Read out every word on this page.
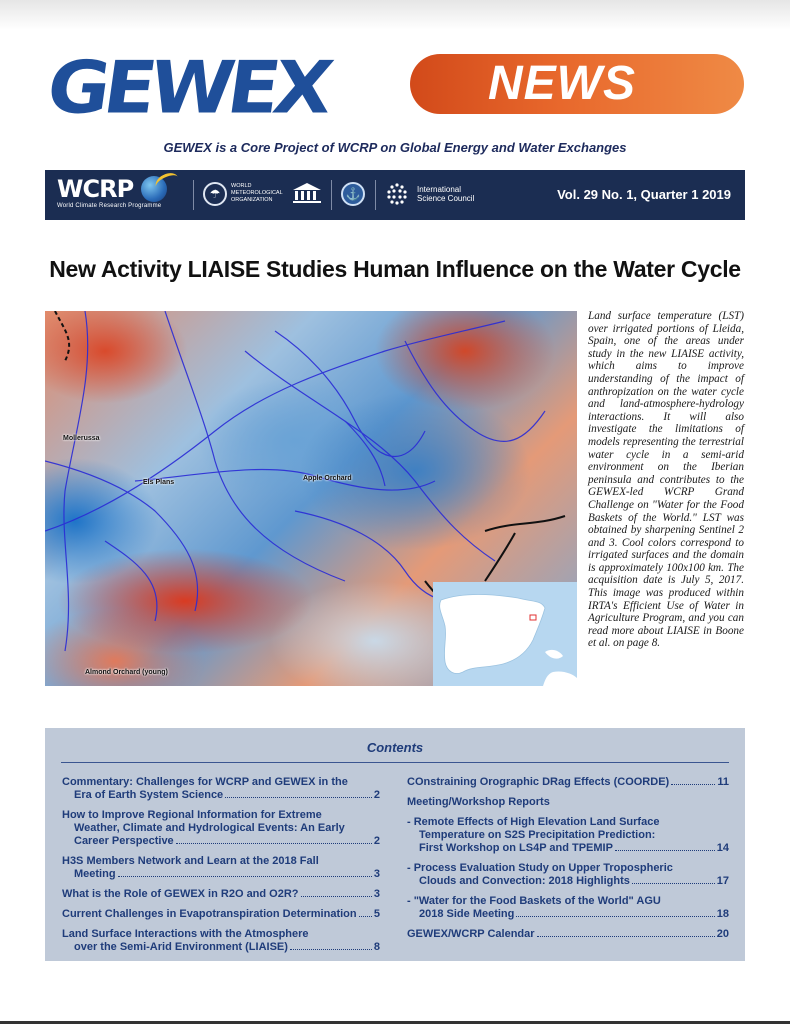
GEWEX	NEWS
GEWEX is a Core Project of WCRP on Global Energy and Water Exchanges
WCRP
World Climate Research Programme
☂
WORLD
METEOROLOGICAL
ORGANIZATION	⚓	International
Science Council	Vol. 29 No. 1, Quarter 1 2019
New Activity LIAISE Studies Human Influence on the Water Cycle
Mollerussa
Els Plans
Apple Orchard
Almond Orchard (young)

Land surface temperature (LST) over irrigated portions of Lleida, Spain, one of the areas under study in the new LIAISE activity, which aims to improve understanding of the impact of anthropization on the water cycle and land-atmosphere-hydrology interactions. It will also investigate the limitations of models representing the terrestrial water cycle in a semi-arid environment on the Iberian peninsula and contributes to the GEWEX-led WCRP Grand Challenge on "Water for the Food Baskets of the World." LST was obtained by sharpening Sentinel 2 and 3. Cool colors correspond to irrigated surfaces and the domain is approximately 100x100 km. The acquisition date is July 5, 2017. This image was produced within IRTA's Efficient Use of Water in Agriculture Program, and you can read more about LIAISE in Boone et al. on page 8.

Contents
Commentary: Challenges for WCRP and GEWEX in the
Era of Earth System Science	2
How to Improve Regional Information for Extreme
Weather, Climate and Hydrological Events: An Early
Career Perspective	2
H3S Members Network and Learn at the 2018 Fall
Meeting	3
What is the Role of GEWEX in R2O and O2R?	3
Current Challenges in Evapotranspiration Determination 5
Land Surface Interactions with the Atmosphere
over the Semi-Arid Environment (LIAISE)	8
COnstraining Orographic DRag Effects (COORDE)	11
Meeting/Workshop Reports
- Remote Effects of High Elevation Land Surface
Temperature on S2S Precipitation Prediction:
First Workshop on LS4P and TPEMIP	14
- Process Evaluation Study on Upper Tropospheric
Clouds and Convection: 2018 Highlights	17
- "Water for the Food Baskets of the World" AGU
2018 Side Meeting	18
GEWEX/WCRP Calendar	20
